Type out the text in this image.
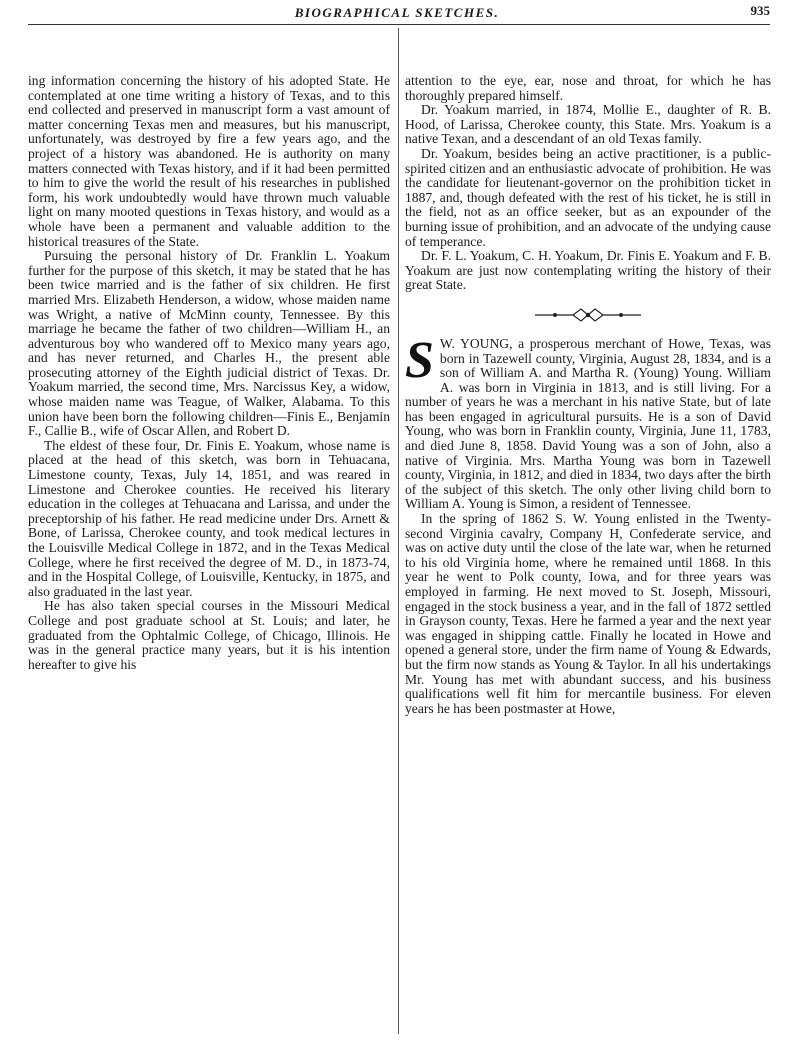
BIOGRAPHICAL SKETCHES.	935

ing information concerning the history of his adopted State. He contemplated at one time writing a history of Texas, and to this end collected and preserved in manuscript form a vast amount of matter concerning Texas men and measures, but his manuscript, unfortunately, was destroyed by fire a few years ago, and the project of a history was abandoned. He is authority on many matters connected with Texas history, and if it had been permitted to him to give the world the result of his researches in published form, his work undoubtedly would have thrown much valuable light on many mooted questions in Texas history, and would as a whole have been a permanent and valuable addition to the historical treasures of the State.

Pursuing the personal history of Dr. Franklin L. Yoakum further for the purpose of this sketch, it may be stated that he has been twice married and is the father of six children. He first married Mrs. Elizabeth Henderson, a widow, whose maiden name was Wright, a native of McMinn county, Tennessee. By this marriage he became the father of two children—William H., an adventurous boy who wandered off to Mexico many years ago, and has never returned, and Charles H., the present able prosecuting attorney of the Eighth judicial district of Texas. Dr. Yoakum married, the second time, Mrs. Narcissus Key, a widow, whose maiden name was Teague, of Walker, Alabama. To this union have been born the following children—Finis E., Benjamin F., Callie B., wife of Oscar Allen, and Robert D.

The eldest of these four, Dr. Finis E. Yoakum, whose name is placed at the head of this sketch, was born in Tehuacana, Limestone county, Texas, July 14, 1851, and was reared in Limestone and Cherokee counties. He received his literary education in the colleges at Tehuacana and Larissa, and under the preceptorship of his father. He read medicine under Drs. Arnett & Bone, of Larissa, Cherokee county, and took medical lectures in the Louisville Medical College in 1872, and in the Texas Medical College, where he first received the degree of M. D., in 1873-74, and in the Hospital College, of Louisville, Kentucky, in 1875, and also graduated in the last year.

He has also taken special courses in the Missouri Medical College and post graduate school at St. Louis; and later, he graduated from the Ophtalmic College, of Chicago, Illinois. He was in the general practice many years, but it is his intention hereafter to give his

attention to the eye, ear, nose and throat, for which he has thoroughly prepared himself.

Dr. Yoakum married, in 1874, Mollie E., daughter of R. B. Hood, of Larissa, Cherokee county, this State. Mrs. Yoakum is a native Texan, and a descendant of an old Texas family.

Dr. Yoakum, besides being an active practitioner, is a public-spirited citizen and an enthusiastic advocate of prohibition. He was the candidate for lieutenant-governor on the prohibition ticket in 1887, and, though defeated with the rest of his ticket, he is still in the field, not as an office seeker, but as an expounder of the burning issue of prohibition, and an advocate of the undying cause of temperance.

Dr. F. L. Yoakum, C. H. Yoakum, Dr. Finis E. Yoakum and F. B. Yoakum are just now contemplating writing the history of their great State.

S W. YOUNG, a prosperous merchant of Howe, Texas, was born in Tazewell county, Virginia, August 28, 1834, and is a son of William A. and Martha R. (Young) Young. William A. was born in Virginia in 1813, and is still living. For a number of years he was a merchant in his native State, but of late has been engaged in agricultural pursuits. He is a son of David Young, who was born in Franklin county, Virginia, June 11, 1783, and died June 8, 1858. David Young was a son of John, also a native of Virginia. Mrs. Martha Young was born in Tazewell county, Virginia, in 1812, and died in 1834, two days after the birth of the subject of this sketch. The only other living child born to William A. Young is Simon, a resident of Tennessee.

In the spring of 1862 S. W. Young enlisted in the Twenty-second Virginia cavalry, Company H, Confederate service, and was on active duty until the close of the late war, when he returned to his old Virginia home, where he remained until 1868. In this year he went to Polk county, Iowa, and for three years was employed in farming. He next moved to St. Joseph, Missouri, engaged in the stock business a year, and in the fall of 1872 settled in Grayson county, Texas. Here he farmed a year and the next year was engaged in shipping cattle. Finally he located in Howe and opened a general store, under the firm name of Young & Edwards, but the firm now stands as Young & Taylor. In all his undertakings Mr. Young has met with abundant success, and his business qualifications well fit him for mercantile business. For eleven years he has been postmaster at Howe,
